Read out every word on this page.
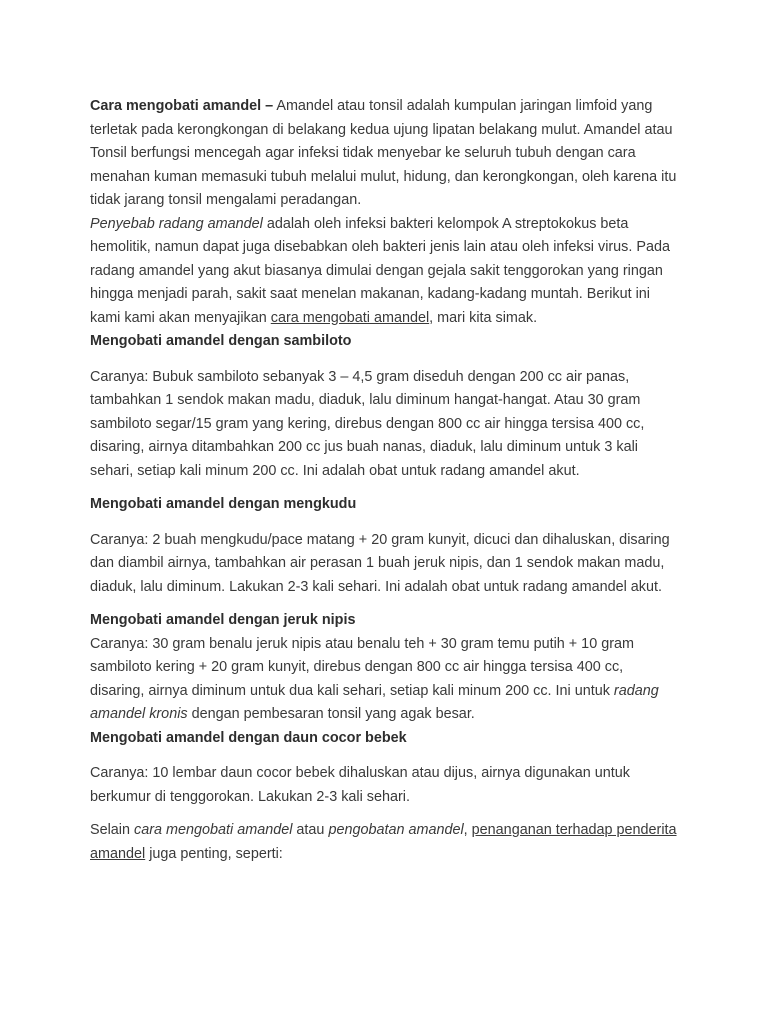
Cara mengobati amandel – Amandel atau tonsil adalah kumpulan jaringan limfoid yang terletak pada kerongkongan di belakang kedua ujung lipatan belakang mulut. Amandel atau Tonsil berfungsi mencegah agar infeksi tidak menyebar ke seluruh tubuh dengan cara menahan kuman memasuki tubuh melalui mulut, hidung, dan kerongkongan, oleh karena itu tidak jarang tonsil mengalami peradangan.
Penyebab radang amandel adalah oleh infeksi bakteri kelompok A streptokokus beta hemolitik, namun dapat juga disebabkan oleh bakteri jenis lain atau oleh infeksi virus. Pada radang amandel yang akut biasanya dimulai dengan gejala sakit tenggorokan yang ringan hingga menjadi parah, sakit saat menelan makanan, kadang-kadang muntah. Berikut ini kami kami akan menyajikan cara mengobati amandel, mari kita simak.

Mengobati amandel dengan sambiloto

Caranya: Bubuk sambiloto sebanyak 3 – 4,5 gram diseduh dengan 200 cc air panas, tambahkan 1 sendok makan madu, diaduk, lalu diminum hangat-hangat. Atau 30 gram sambiloto segar/15 gram yang kering, direbus dengan 800 cc air hingga tersisa 400 cc, disaring, airnya ditambahkan 200 cc jus buah nanas, diaduk, lalu diminum untuk 3 kali sehari, setiap kali minum 200 cc. Ini adalah obat untuk radang amandel akut.

Mengobati amandel dengan mengkudu

Caranya: 2 buah mengkudu/pace matang + 20 gram kunyit, dicuci dan dihaluskan, disaring dan diambil airnya, tambahkan air perasan 1 buah jeruk nipis, dan 1 sendok makan madu, diaduk, lalu diminum. Lakukan 2-3 kali sehari. Ini adalah obat untuk radang amandel akut.

Mengobati amandel dengan jeruk nipis

Caranya: 30 gram benalu jeruk nipis atau benalu teh + 30 gram temu putih + 10 gram sambiloto kering + 20 gram kunyit, direbus dengan 800 cc air hingga tersisa 400 cc, disaring, airnya diminum untuk dua kali sehari, setiap kali minum 200 cc. Ini untuk radang amandel kronis dengan pembesaran tonsil yang agak besar.

Mengobati amandel dengan daun cocor bebek

Caranya: 10 lembar daun cocor bebek dihaluskan atau dijus, airnya digunakan untuk berkumur di tenggorokan. Lakukan 2-3 kali sehari.

Selain cara mengobati amandel atau pengobatan amandel, penanganan terhadap penderita amandel juga penting, seperti:
